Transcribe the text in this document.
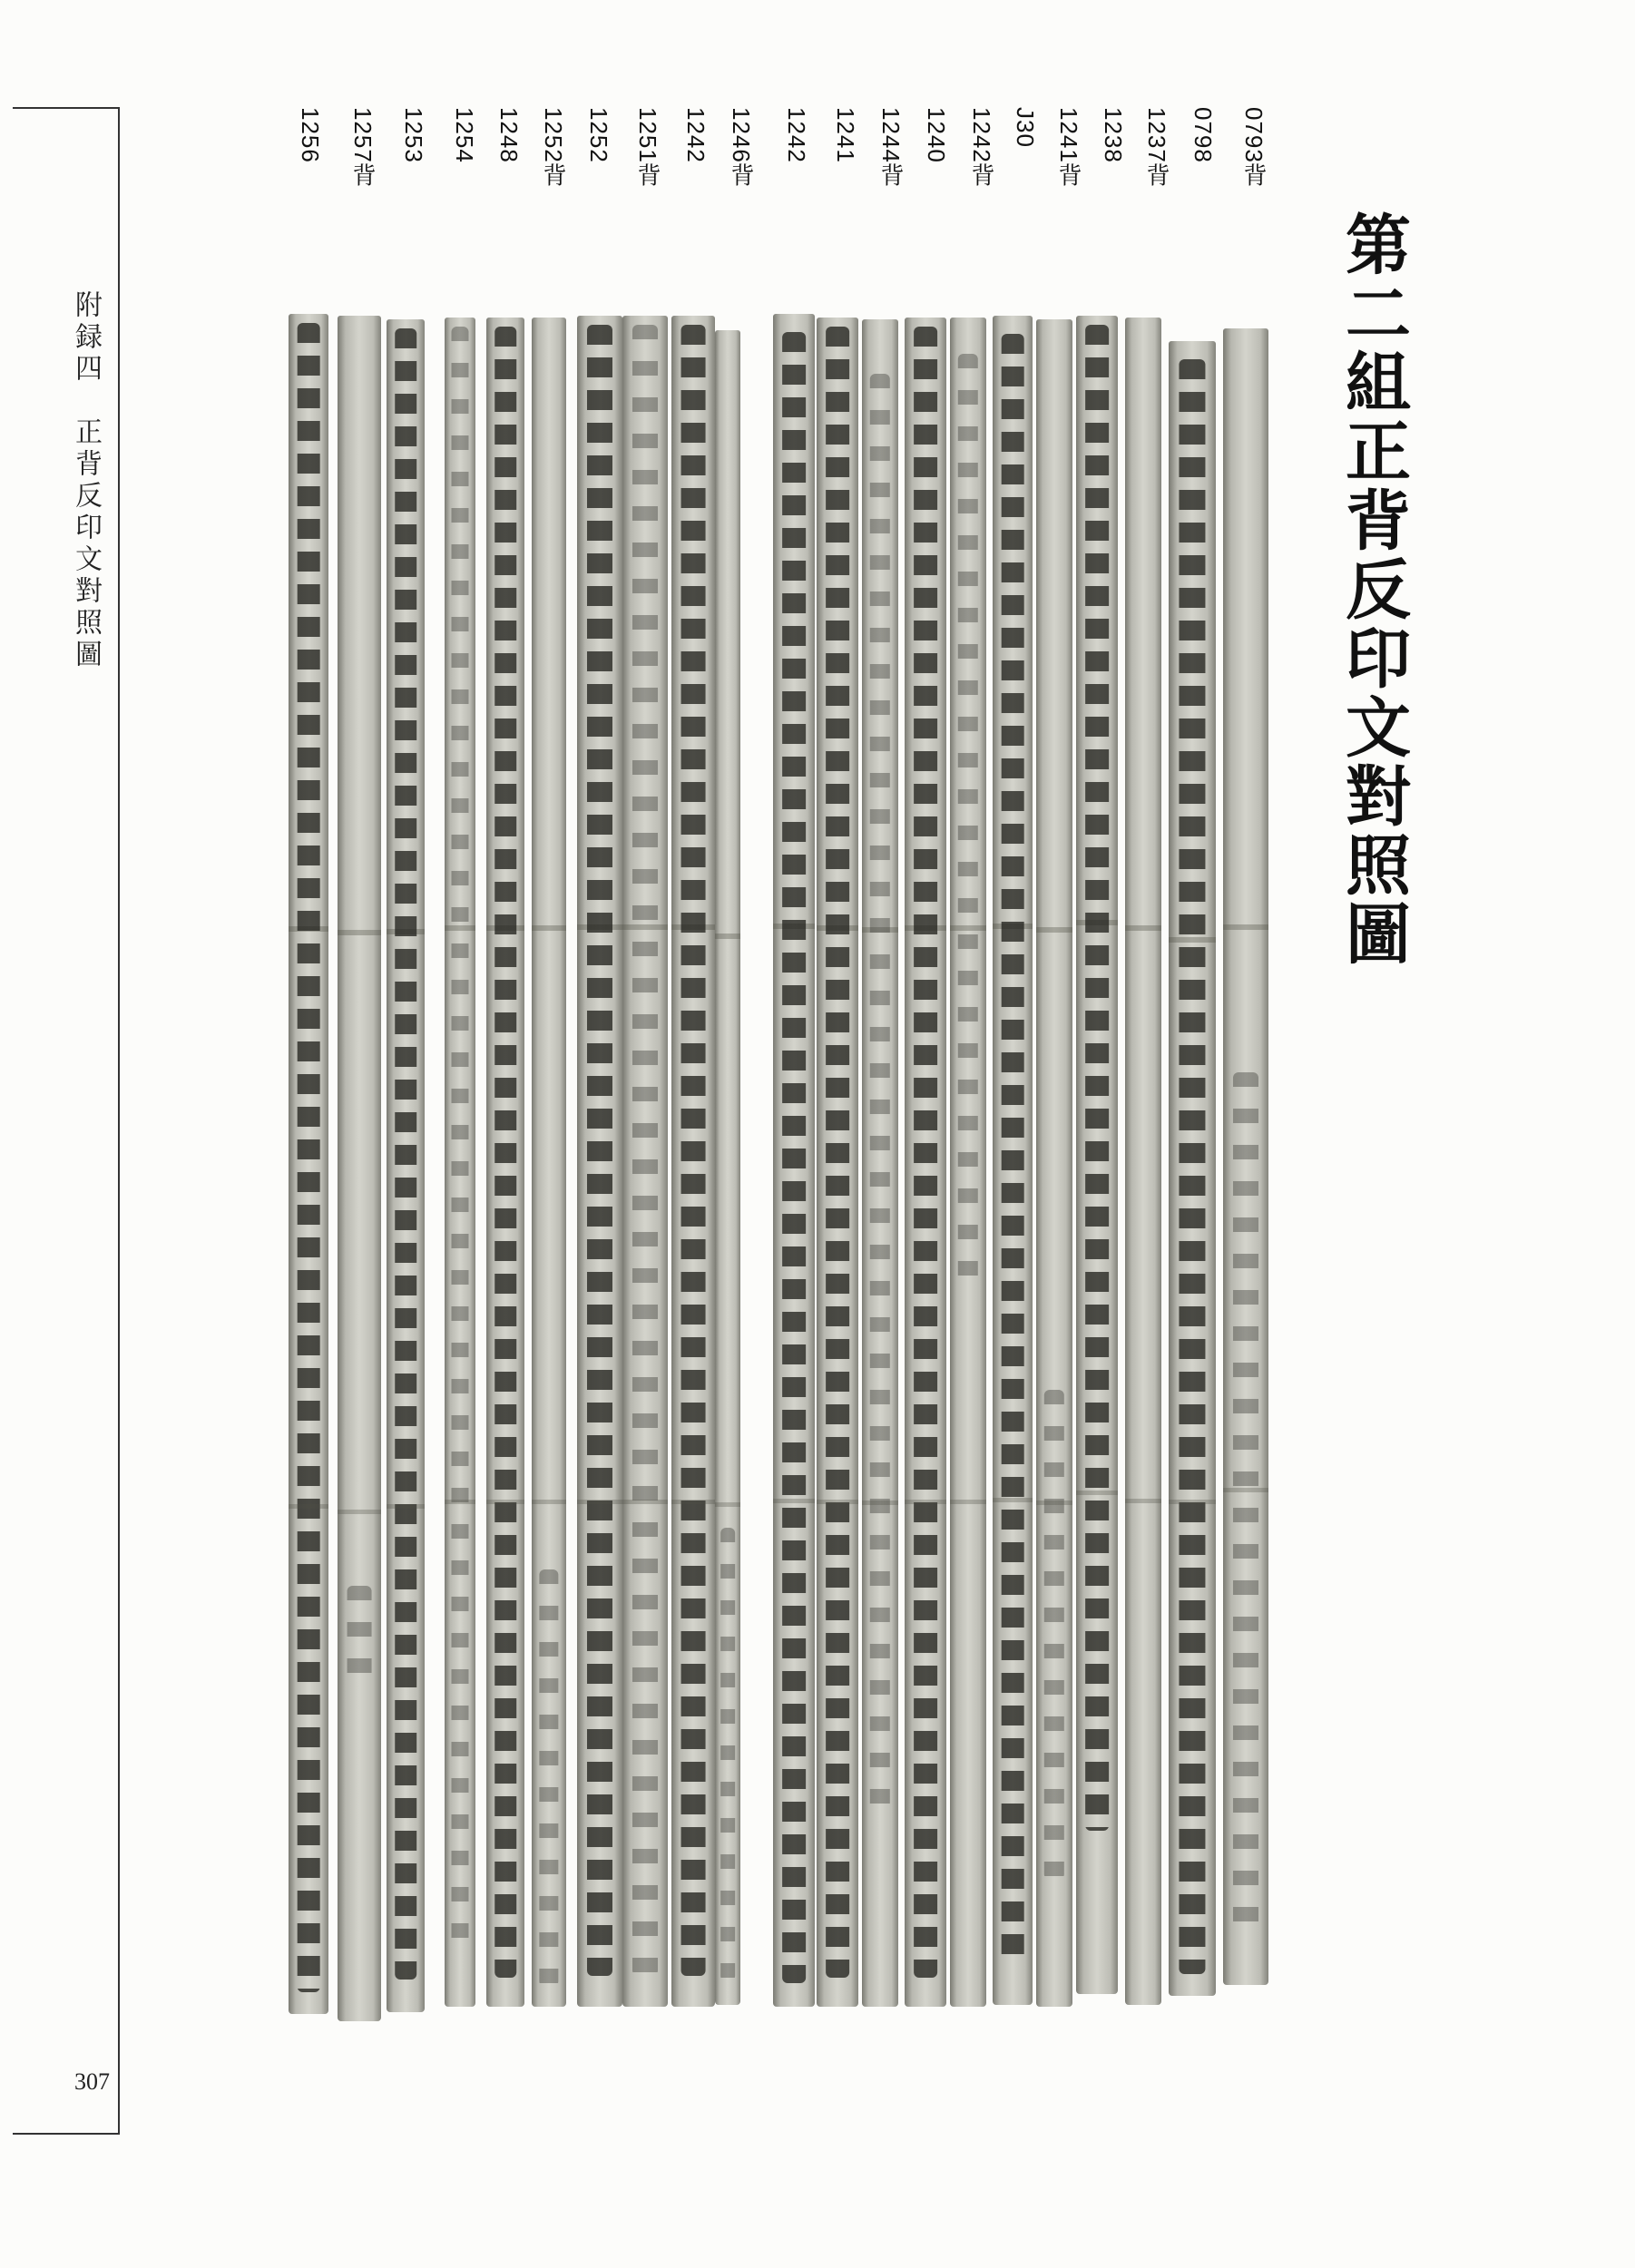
附録四　正背反印文對照圖
307
第二組正背反印文對照圖
0793背
0798
1237背
1238
1241背
J30
1242背
1240
1244背
1241
1242
1246背
1242
1251背
1252
1252背
1248
1254
1253
1257背
1256
